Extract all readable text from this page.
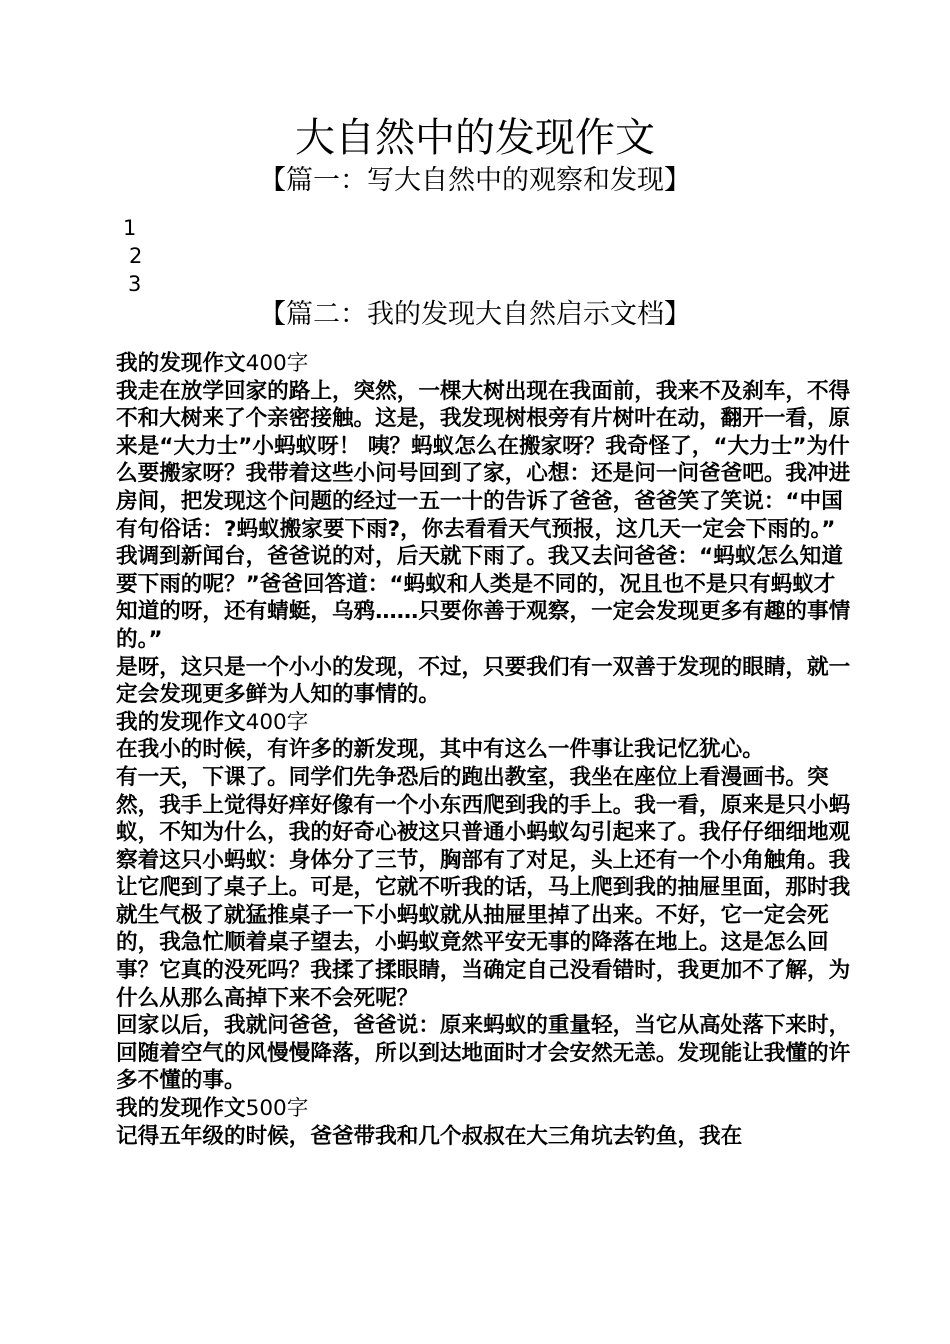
大自然中的发现作文
【篇一：写大自然中的观察和发现】
1
2
3
【篇二：我的发现大自然启示文档】

我的发现作文400字

我走在放学回家的路上，突然，一棵大树出现在我面前，我来不及刹车，不得不和大树来了个亲密接触。这是，我发现树根旁有片树叶在动，翻开一看，原来是“大力士”小蚂蚁呀！ 咦？蚂蚁怎么在搬家呀？我奇怪了，“大力士”为什么要搬家呀？我带着这些小问号回到了家，心想：还是问一问爸爸吧。我冲进房间，把发现这个问题的经过一五一十的告诉了爸爸，爸爸笑了笑说：“中国有句俗话：?蚂蚁搬家要下雨?，你去看看天气预报，这几天一定会下雨的。”

我调到新闻台，爸爸说的对，后天就下雨了。我又去问爸爸：“蚂蚁怎么知道要下雨的呢？”爸爸回答道：“蚂蚁和人类是不同的，况且也不是只有蚂蚁才知道的呀，还有蜻蜓，乌鸦……只要你善于观察，一定会发现更多有趣的事情的。”

是呀，这只是一个小小的发现，不过，只要我们有一双善于发现的眼睛，就一定会发现更多鲜为人知的事情的。

我的发现作文400字

在我小的时候，有许多的新发现，其中有这么一件事让我记忆犹心。

有一天，下课了。同学们先争恐后的跑出教室，我坐在座位上看漫画书。突然，我手上觉得好痒好像有一个小东西爬到我的手上。我一看，原来是只小蚂蚁，不知为什么，我的好奇心被这只普通小蚂蚁勾引起来了。我仔仔细细地观察着这只小蚂蚁：身体分了三节，胸部有了对足，头上还有一个小角触角。我让它爬到了桌子上。可是，它就不听我的话，马上爬到我的抽屉里面，那时我就生气极了就猛推桌子一下小蚂蚁就从抽屉里掉了出来。不好，它一定会死的，我急忙顺着桌子望去，小蚂蚁竟然平安无事的降落在地上。这是怎么回事？它真的没死吗？我揉了揉眼睛，当确定自己没看错时，我更加不了解，为什么从那么高掉下来不会死呢？

回家以后，我就问爸爸，爸爸说：原来蚂蚁的重量轻，当它从高处落下来时，回随着空气的风慢慢降落，所以到达地面时才会安然无恙。发现能让我懂的许多不懂的事。

我的发现作文500字

记得五年级的时候，爸爸带我和几个叔叔在大三角坑去钓鱼，我在
